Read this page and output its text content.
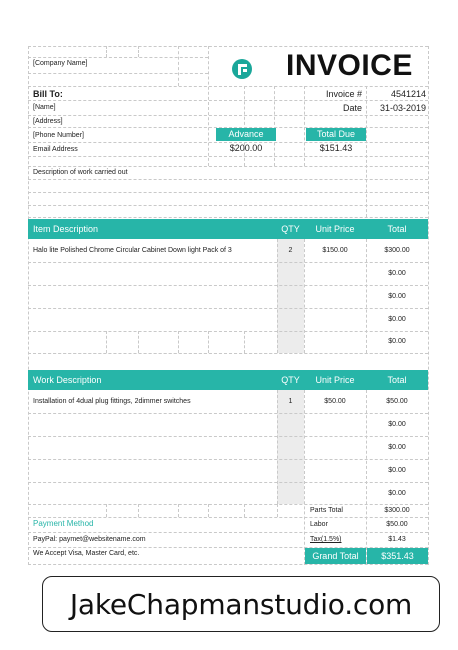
[Company Name]	INVOICE
Bill To:
[Name]
[Address]
[Phone Number]
Email Address
Invoice #	4541214
Date	31-03-2019
Advance
$200.00
Total Due
$151.43
Description of work carried out
Item Description	QTY	Unit Price	Total
Halo lite Polished Chrome Circular Cabinet Down light Pack of 3	2	$150.00	$300.00
$0.00
$0.00
$0.00
$0.00
Work Description	QTY	Unit Price	Total
Installation of 4dual plug fittings, 2dimmer switches	1	$50.00	$50.00
$0.00
$0.00
$0.00
$0.00
Parts Total	$300.00
Labor	$50.00
Tax(1.5%)	$1.43
Grand Total	$351.43
Payment Method
PayPal: paymet@websitename.com
We Accept Visa, Master Card, etc.
JakeChapmanstudio.com
